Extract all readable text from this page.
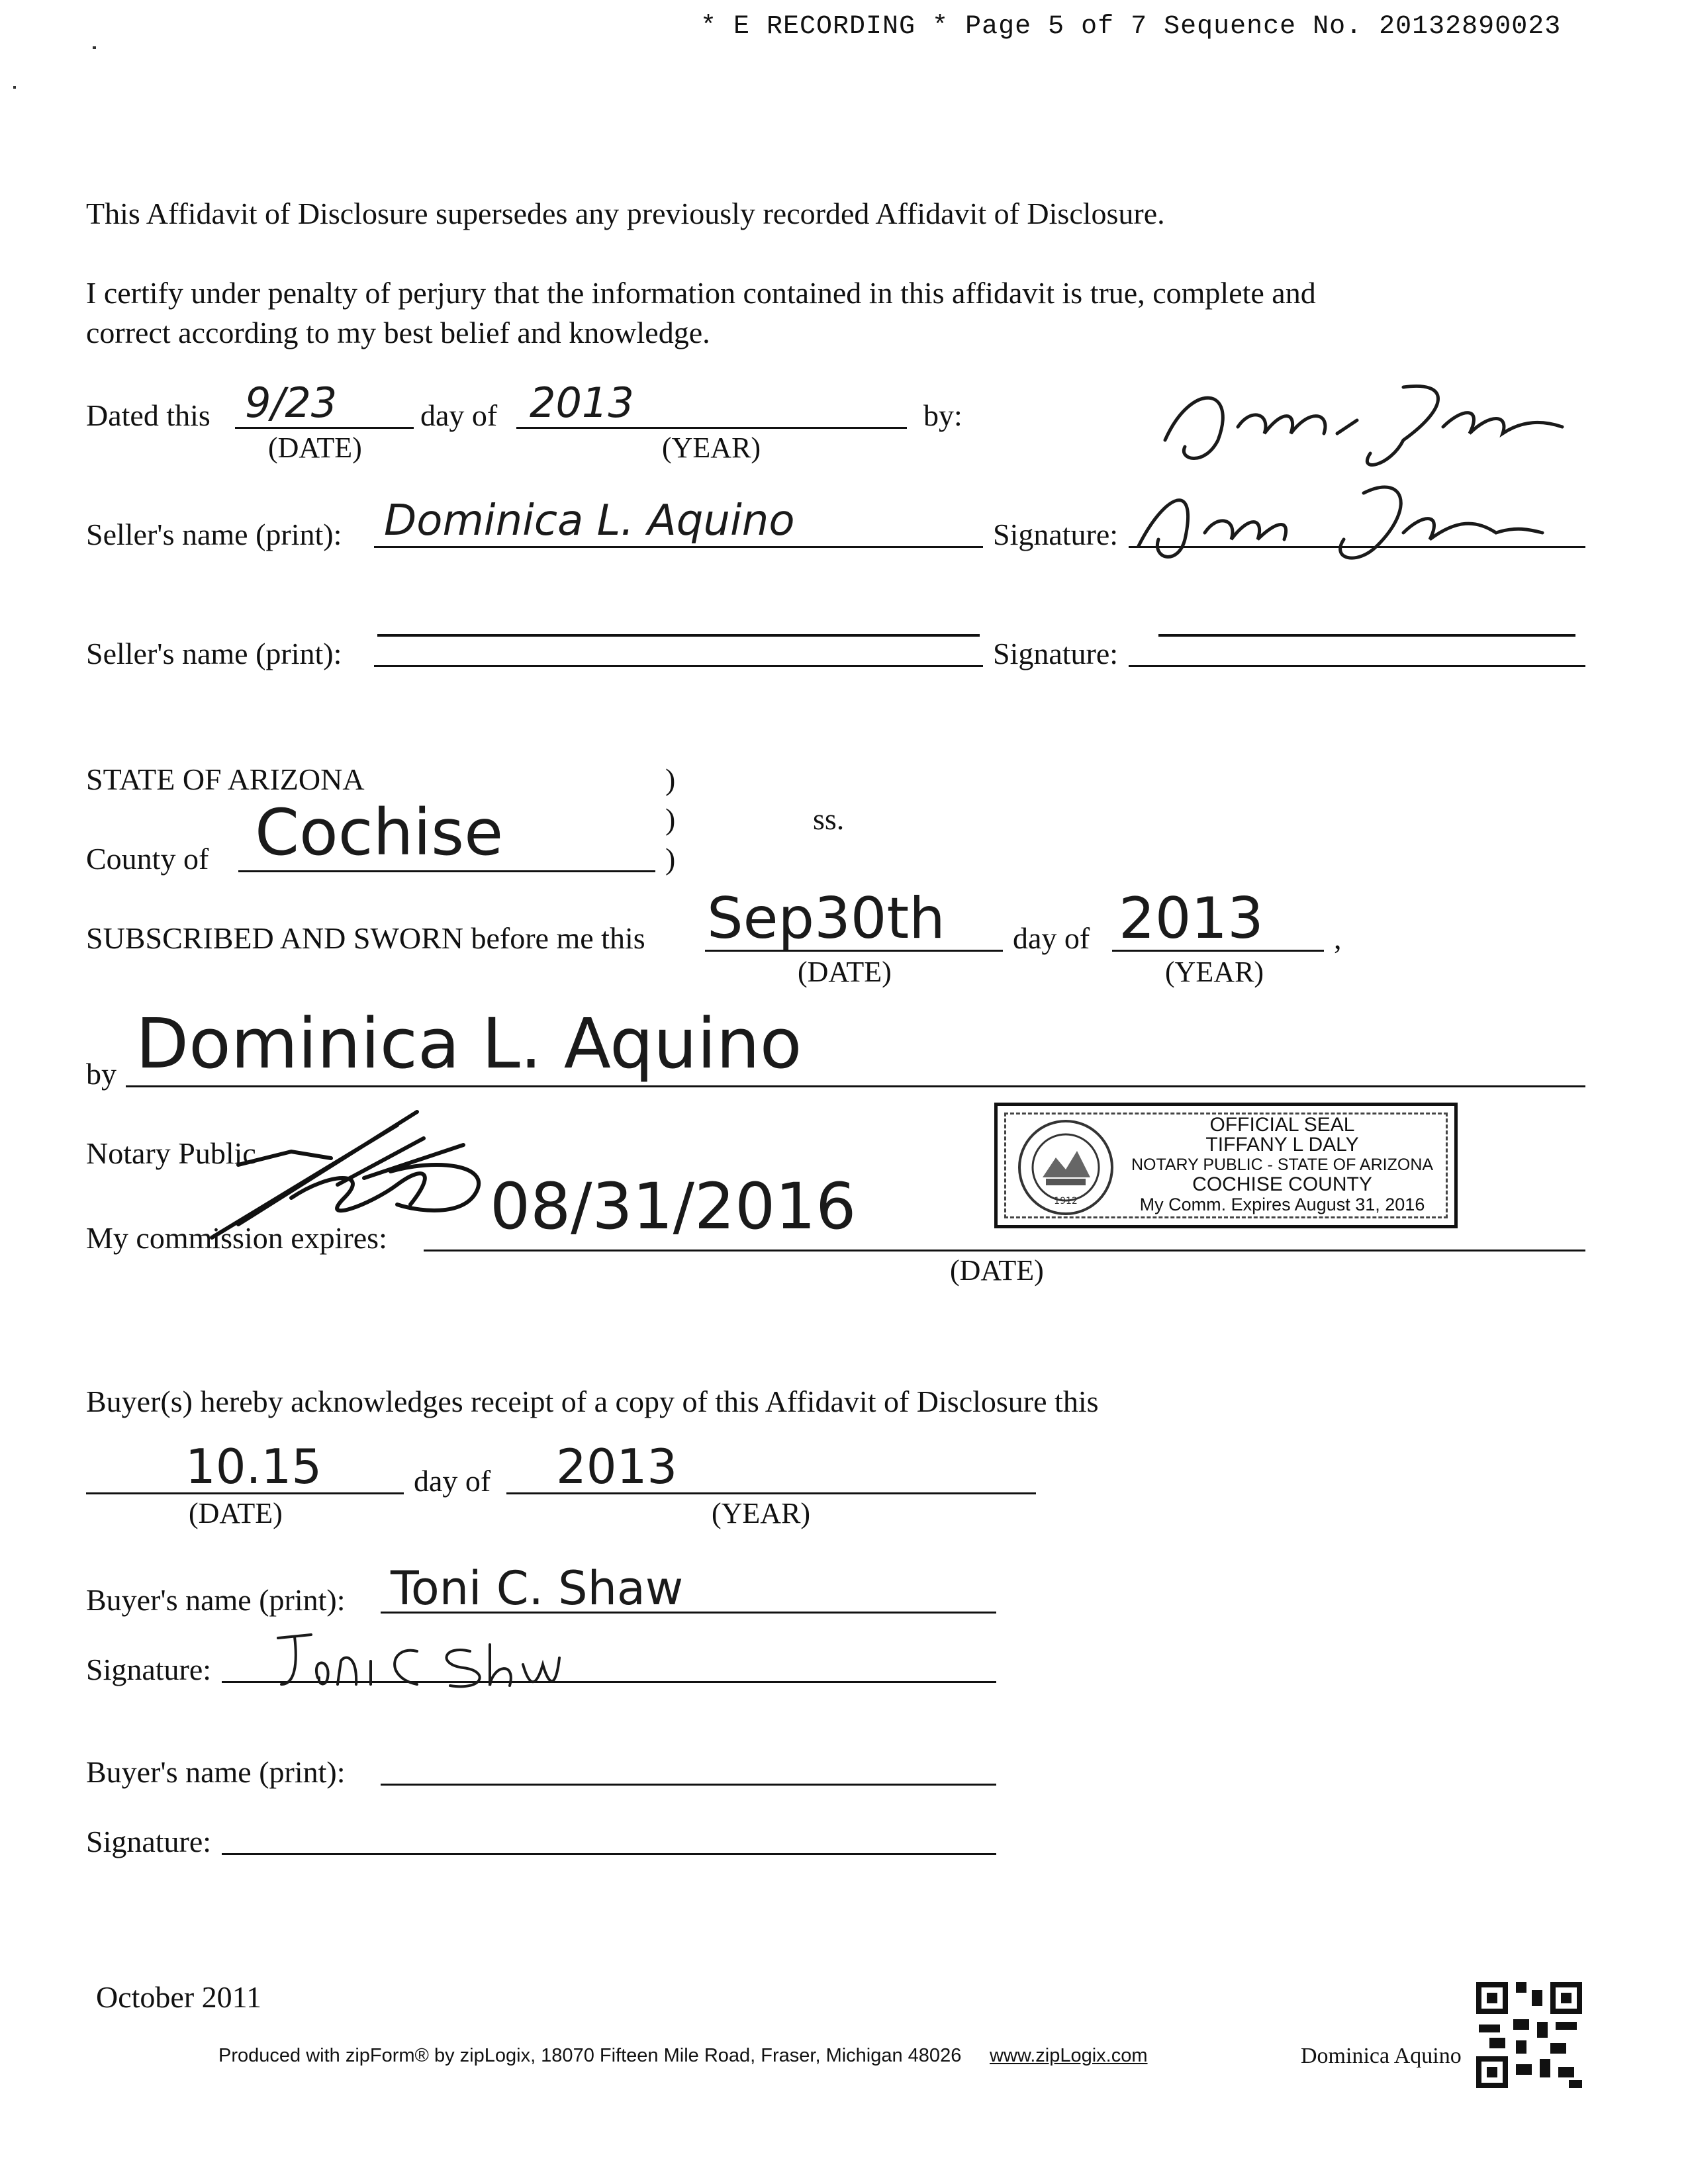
* E RECORDING * Page 5 of 7 Sequence No. 20132890023
This Affidavit of Disclosure supersedes any previously recorded Affidavit of Disclosure.
I certify under penalty of perjury that the information contained in this affidavit is true, complete and
correct according to my best belief and knowledge.
Dated this 9/23
(DATE)
day of 2013
(YEAR)
by:
Seller's name (print): Dominica L. Aquino	Signature:
Seller's name (print):	Signature:
STATE OF ARIZONA	)
)
)
ss.
County of Cochise
SUBSCRIBED AND SWORN before me this Sep30th
(DATE)
day of 2013
(YEAR)
,
by Dominica L. Aquino
Notary Public
My commission expires: 08/31/2016
(DATE)
1912
OFFICIAL SEAL
TIFFANY L DALY
NOTARY PUBLIC - STATE OF ARIZONA
COCHISE COUNTY
My Comm. Expires August 31, 2016
Buyer(s) hereby acknowledges receipt of a copy of this Affidavit of Disclosure this
10.15
(DATE)
day of 2013
(YEAR)
Buyer's name (print): Toni C. Shaw
Signature:
Buyer's name (print):
Signature:
October 2011
Produced with zipForm® by zipLogix, 18070 Fifteen Mile Road, Fraser, Michigan 48026 www.zipLogix.com	Dominica Aquino
